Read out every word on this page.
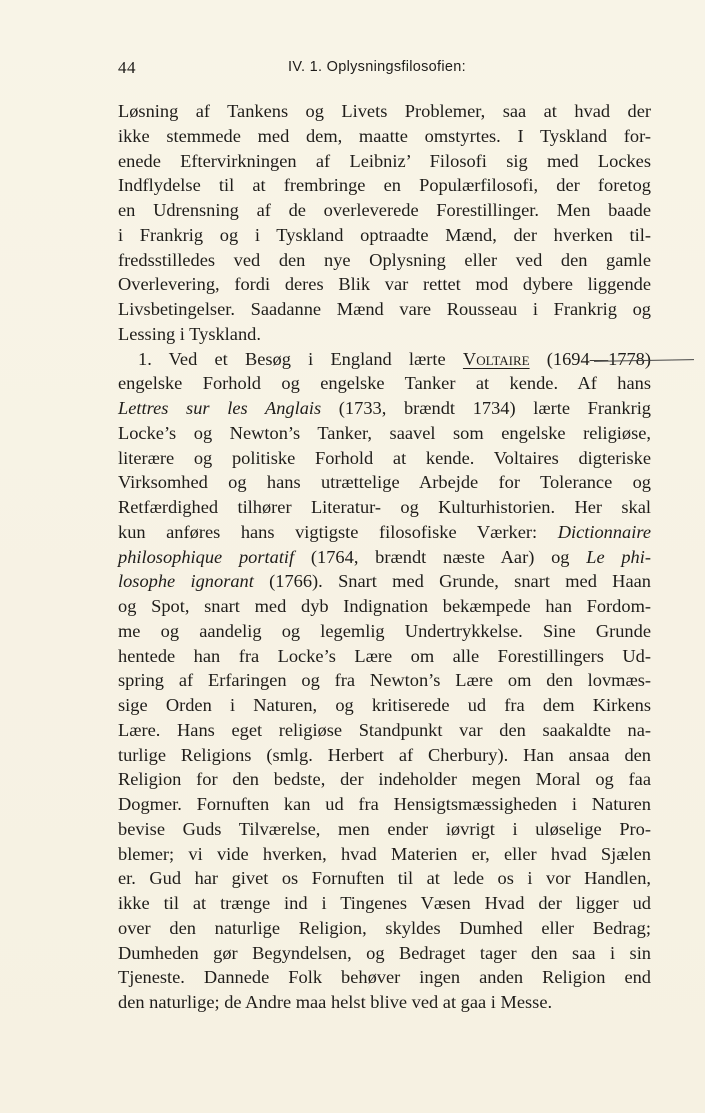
44	IV. 1. Oplysningsfilosofien:
Løsning af Tankens og Livets Problemer, saa at hvad der
ikke stemmede med dem, maatte omstyrtes. I Tyskland for-
enede Eftervirkningen af Leibniz’ Filosofi sig med Lockes
Indflydelse til at frembringe en Populærfilosofi, der foretog
en Udrensning af de overleverede Forestillinger. Men baade
i Frankrig og i Tyskland optraadte Mænd, der hverken til-
fredsstilledes ved den nye Oplysning eller ved den gamle
Overlevering, fordi deres Blik var rettet mod dybere liggende
Livsbetingelser. Saadanne Mænd vare Rousseau i Frankrig og
Lessing i Tyskland.
1. Ved et Besøg i England lærte Voltaire (1694—1778)
engelske Forhold og engelske Tanker at kende. Af hans
Lettres sur les Anglais (1733, brændt 1734) lærte Frankrig
Locke’s og Newton’s Tanker, saavel som engelske religiøse,
literære og politiske Forhold at kende. Voltaires digteriske
Virksomhed og hans utrættelige Arbejde for Tolerance og
Retfærdighed tilhører Literatur- og Kulturhistorien. Her skal
kun anføres hans vigtigste filosofiske Værker: Dictionnaire
philosophique portatif (1764, brændt næste Aar) og Le phi-
losophe ignorant (1766). Snart med Grunde, snart med Haan
og Spot, snart med dyb Indignation bekæmpede han Fordom-
me og aandelig og legemlig Undertrykkelse. Sine Grunde
hentede han fra Locke’s Lære om alle Forestillingers Ud-
spring af Erfaringen og fra Newton’s Lære om den lovmæs-
sige Orden i Naturen, og kritiserede ud fra dem Kirkens
Lære. Hans eget religiøse Standpunkt var den saakaldte na-
turlige Religions (smlg. Herbert af Cherbury). Han ansaa den
Religion for den bedste, der indeholder megen Moral og faa
Dogmer. Fornuften kan ud fra Hensigtsmæssigheden i Naturen
bevise Guds Tilværelse, men ender iøvrigt i uløselige Pro-
blemer; vi vide hverken, hvad Materien er, eller hvad Sjælen
er. Gud har givet os Fornuften til at lede os i vor Handlen,
ikke til at trænge ind i Tingenes Væsen Hvad der ligger ud
over den naturlige Religion, skyldes Dumhed eller Bedrag;
Dumheden gør Begyndelsen, og Bedraget tager den saa i sin
Tjeneste. Dannede Folk behøver ingen anden Religion end
den naturlige; de Andre maa helst blive ved at gaa i Messe.
